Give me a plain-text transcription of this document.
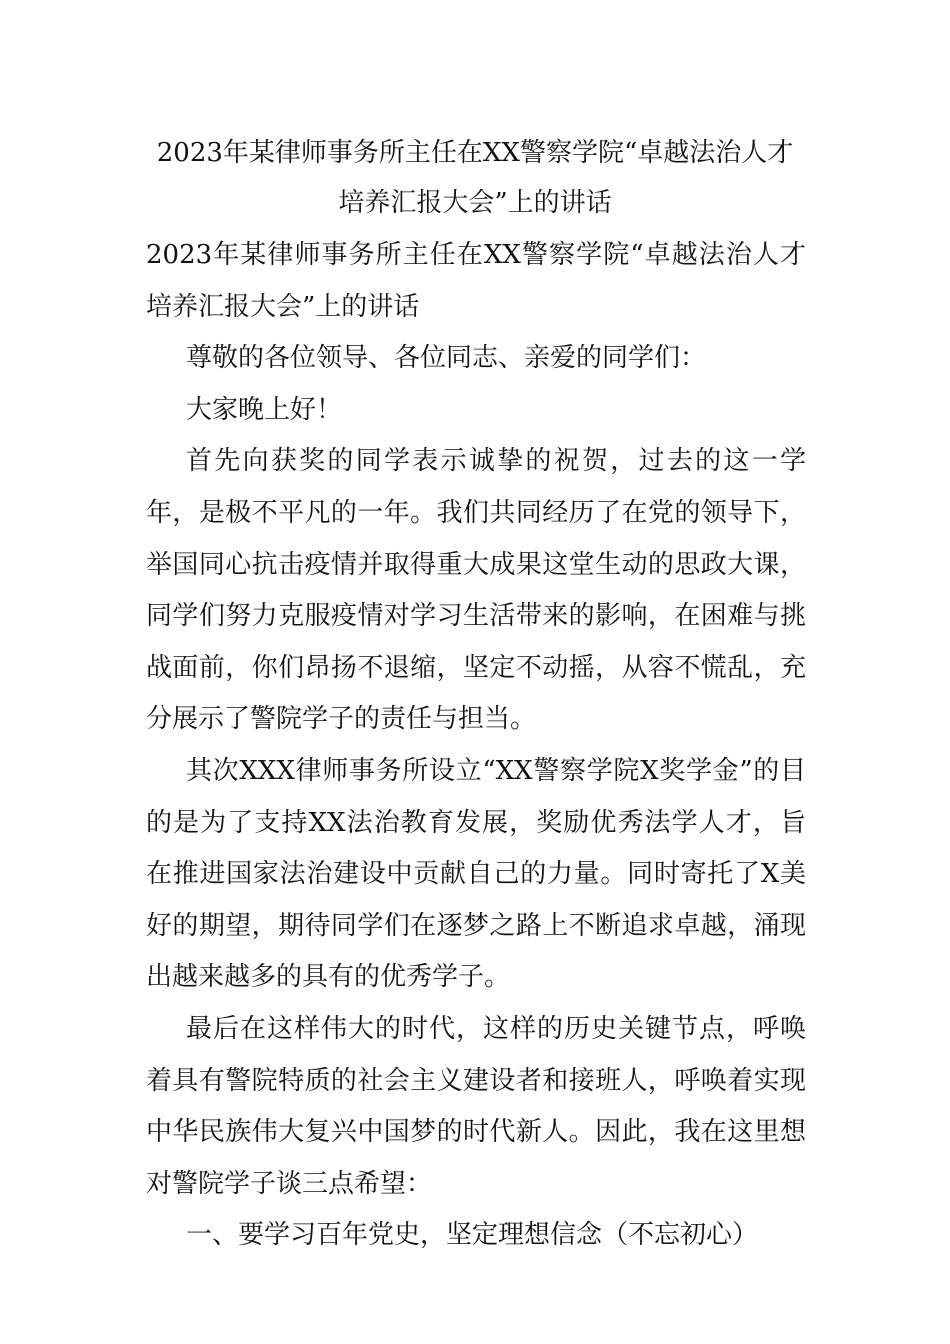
2023年某律师事务所主任在XX警察学院“卓越法治人才
培养汇报大会”上的讲话

2023年某律师事务所主任在XX警察学院“卓越法治人才培养汇报大会”上的讲话

尊敬的各位领导、各位同志、亲爱的同学们：

大家晚上好！

首先向获奖的同学表示诚挚的祝贺，过去的这一学年，是极不平凡的一年。我们共同经历了在党的领导下，举国同心抗击疫情并取得重大成果这堂生动的思政大课，同学们努力克服疫情对学习生活带来的影响，在困难与挑战面前，你们昂扬不退缩，坚定不动摇，从容不慌乱，充分展示了警院学子的责任与担当。

其次XXX律师事务所设立“XX警察学院X奖学金”的目的是为了支持XX法治教育发展，奖励优秀法学人才，旨在推进国家法治建设中贡献自己的力量。同时寄托了X美好的期望，期待同学们在逐梦之路上不断追求卓越，涌现出越来越多的具有的优秀学子。

最后在这样伟大的时代，这样的历史关键节点，呼唤着具有警院特质的社会主义建设者和接班人，呼唤着实现中华民族伟大复兴中国梦的时代新人。因此，我在这里想对警院学子谈三点希望：

一、要学习百年党史，坚定理想信念（不忘初心）
